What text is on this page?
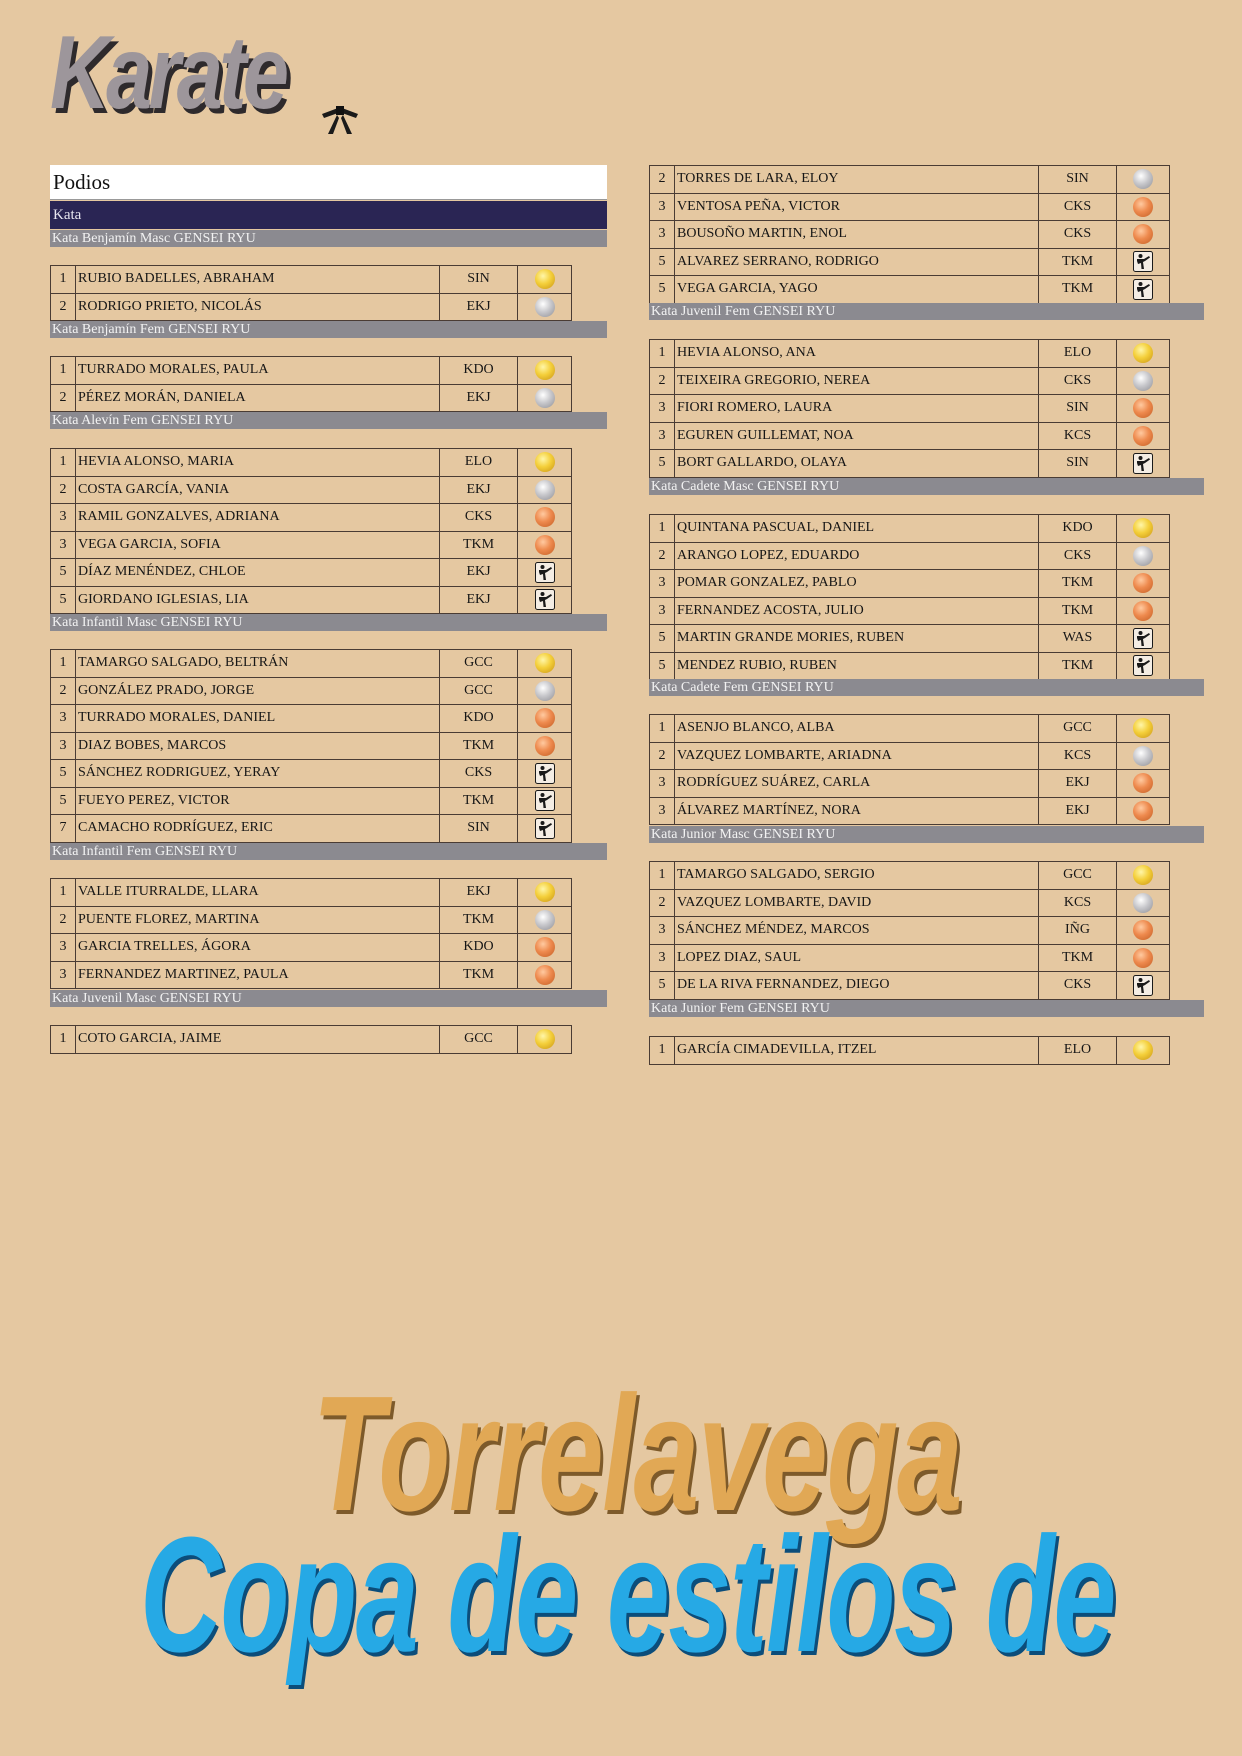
Karate
Podios
Kata
Kata Benjamín Masc GENSEI RYU
1	RUBIO BADELLES, ABRAHAM	SIN	
2	RODRIGO PRIETO, NICOLÁS	EKJ	
Kata Benjamín Fem GENSEI RYU
1	TURRADO MORALES, PAULA	KDO	
2	PÉREZ MORÁN, DANIELA	EKJ	
Kata Alevín Fem GENSEI RYU
1	HEVIA ALONSO, MARIA	ELO	
2	COSTA GARCÍA, VANIA	EKJ	
3	RAMIL GONZALVES, ADRIANA	CKS	
3	VEGA GARCIA, SOFIA	TKM	
5	DÍAZ MENÉNDEZ, CHLOE	EKJ	
5	GIORDANO IGLESIAS, LIA	EKJ	
Kata Infantil Masc GENSEI RYU
1	TAMARGO SALGADO, BELTRÁN	GCC	
2	GONZÁLEZ PRADO, JORGE	GCC	
3	TURRADO MORALES, DANIEL	KDO	
3	DIAZ BOBES, MARCOS	TKM	
5	SÁNCHEZ RODRIGUEZ, YERAY	CKS	
5	FUEYO PEREZ, VICTOR	TKM	
7	CAMACHO RODRÍGUEZ, ERIC	SIN	
Kata Infantil Fem GENSEI RYU
1	VALLE ITURRALDE, LLARA	EKJ	
2	PUENTE FLOREZ, MARTINA	TKM	
3	GARCIA TRELLES, ÁGORA	KDO	
3	FERNANDEZ MARTINEZ, PAULA	TKM	
Kata Juvenil Masc GENSEI RYU
1	COTO GARCIA, JAIME	GCC	
2	TORRES DE LARA, ELOY	SIN	
3	VENTOSA PEÑA, VICTOR	CKS	
3	BOUSOÑO MARTIN, ENOL	CKS	
5	ALVAREZ SERRANO, RODRIGO	TKM	
5	VEGA GARCIA, YAGO	TKM	
Kata Juvenil Fem GENSEI RYU
1	HEVIA ALONSO, ANA	ELO	
2	TEIXEIRA GREGORIO, NEREA	CKS	
3	FIORI ROMERO, LAURA	SIN	
3	EGUREN GUILLEMAT, NOA	KCS	
5	BORT GALLARDO, OLAYA	SIN	
Kata Cadete Masc GENSEI RYU
1	QUINTANA PASCUAL, DANIEL	KDO	
2	ARANGO LOPEZ, EDUARDO	CKS	
3	POMAR GONZALEZ, PABLO	TKM	
3	FERNANDEZ ACOSTA, JULIO	TKM	
5	MARTIN GRANDE MORIES, RUBEN	WAS	
5	MENDEZ RUBIO, RUBEN	TKM	
Kata Cadete Fem GENSEI RYU
1	ASENJO BLANCO, ALBA	GCC	
2	VAZQUEZ LOMBARTE, ARIADNA	KCS	
3	RODRÍGUEZ SUÁREZ, CARLA	EKJ	
3	ÁLVAREZ MARTÍNEZ, NORA	EKJ	
Kata Junior Masc GENSEI RYU
1	TAMARGO SALGADO, SERGIO	GCC	
2	VAZQUEZ LOMBARTE, DAVID	KCS	
3	SÁNCHEZ MÉNDEZ, MARCOS	IÑG	
3	LOPEZ DIAZ, SAUL	TKM	
5	DE LA RIVA FERNANDEZ, DIEGO	CKS	
Kata Junior Fem GENSEI RYU
1	GARCÍA CIMADEVILLA, ITZEL	ELO	
Torrelavega
Copa de estilos de
